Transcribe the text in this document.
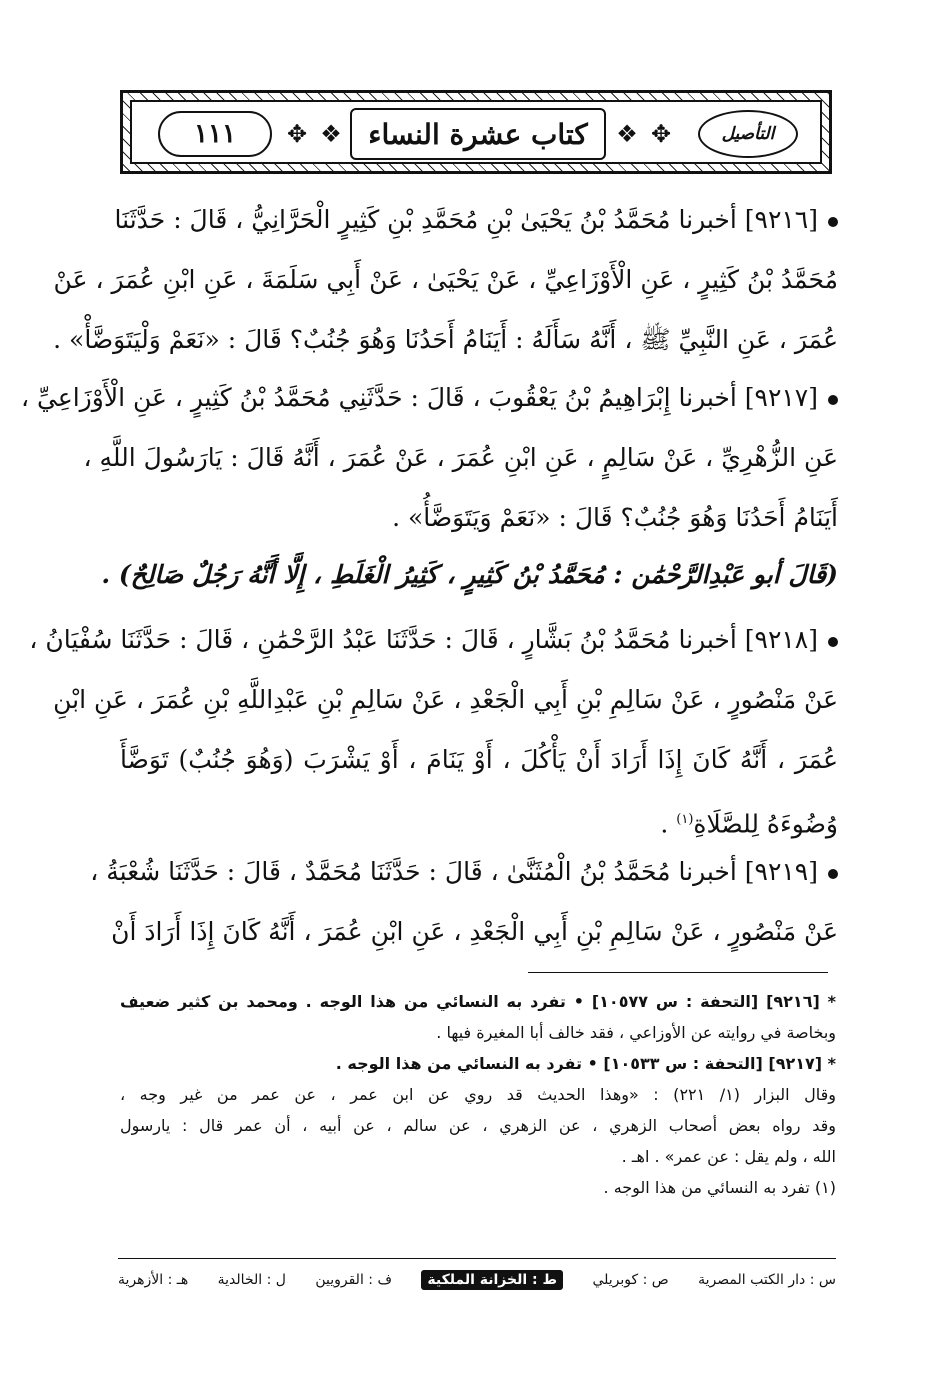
١١١ ✥ ❖ كتاب عشرة النساء ❖ ✥	التأصيل
[٩٢١٦] أخبرنا مُحَمَّدُ بْنُ يَحْيَىٰ بْنِ مُحَمَّدِ بْنِ كَثِيرٍ الْحَرَّانِيُّ ، قَالَ : حَدَّثَنَا
مُحَمَّدُ بْنُ كَثِيرٍ ، عَنِ الْأَوْزَاعِيِّ ، عَنْ يَحْيَىٰ ، عَنْ أَبِي سَلَمَةَ ، عَنِ ابْنِ عُمَرَ ، عَنْ
عُمَرَ ، عَنِ النَّبِيِّ ﷺ ، أَنَّهُ سَأَلَهُ : أَيَنَامُ أَحَدُنَا وَهُوَ جُنُبٌ؟ قَالَ : «نَعَمْ وَلْيَتَوَضَّأْ» .
[٩٢١٧] أخبرنا إِبْرَاهِيمُ بْنُ يَعْقُوبَ ، قَالَ : حَدَّثَنِي مُحَمَّدُ بْنُ كَثِيرٍ ، عَنِ الْأَوْزَاعِيِّ ،
عَنِ الزُّهْرِيِّ ، عَنْ سَالِمٍ ، عَنِ ابْنِ عُمَرَ ، عَنْ عُمَرَ ، أَنَّهُ قَالَ : يَارَسُولَ اللَّهِ ،
أَيَنَامُ أَحَدُنَا وَهُوَ جُنُبٌ؟ قَالَ : «نَعَمْ وَيَتَوَضَّأُ» .
(قَالَ أبو عَبْدِالرَّحْمَٰن : مُحَمَّدُ بْنُ كَثِيرٍ ، كَثِيرُ الْغَلَطِ ، إِلَّا أَنَّهُ رَجُلٌ صَالِحٌ) .
[٩٢١٨] أخبرنا مُحَمَّدُ بْنُ بَشَّارٍ ، قَالَ : حَدَّثَنَا عَبْدُ الرَّحْمَٰنِ ، قَالَ : حَدَّثَنَا سُفْيَانُ ،
عَنْ مَنْصُورٍ ، عَنْ سَالِمِ بْنِ أَبِي الْجَعْدِ ، عَنْ سَالِمِ بْنِ عَبْدِاللَّهِ بْنِ عُمَرَ ، عَنِ ابْنِ
عُمَرَ ، أَنَّهُ كَانَ إِذَا أَرَادَ أَنْ يَأْكُلَ ، أَوْ يَنَامَ ، أَوْ يَشْرَبَ (وَهُوَ جُنُبٌ) تَوَضَّأَ
وُضُوءَهُ لِلصَّلَاةِ$^{(١)}$ .
[٩٢١٩] أخبرنا مُحَمَّدُ بْنُ الْمُثَنَّىٰ ، قَالَ : حَدَّثَنَا مُحَمَّدٌ ، قَالَ : حَدَّثَنَا شُعْبَةُ ،
عَنْ مَنْصُورٍ ، عَنْ سَالِمِ بْنِ أَبِي الْجَعْدِ ، عَنِ ابْنِ عُمَرَ ، أَنَّهُ كَانَ إِذَا أَرَادَ أَنْ
* [٩٢١٦] [التحفة : س ١٠٥٧٧] • تفرد به النسائي من هذا الوجه . ومحمد بن كثير ضعيف
وبخاصة في روايته عن الأوزاعي ، فقد خالف أبا المغيرة فيها .
* [٩٢١٧] [التحفة : س ١٠٥٣٣] • تفرد به النسائي من هذا الوجه .
وقال البزار (١/ ٢٢١) : «وهذا الحديث قد روي عن ابن عمر ، عن عمر من غير وجه ،
وقد رواه بعض أصحاب الزهري ، عن الزهري ، عن سالم ، عن أبيه ، أن عمر قال : يارسول
الله ، ولم يقل : عن عمر» . اهـ .
(١) تفرد به النسائي من هذا الوجه .
س : دار الكتب المصرية
ص : كوبريلي
ط : الخزانة الملكية
ف : القرويين
ل : الخالدية
هـ : الأزهرية
